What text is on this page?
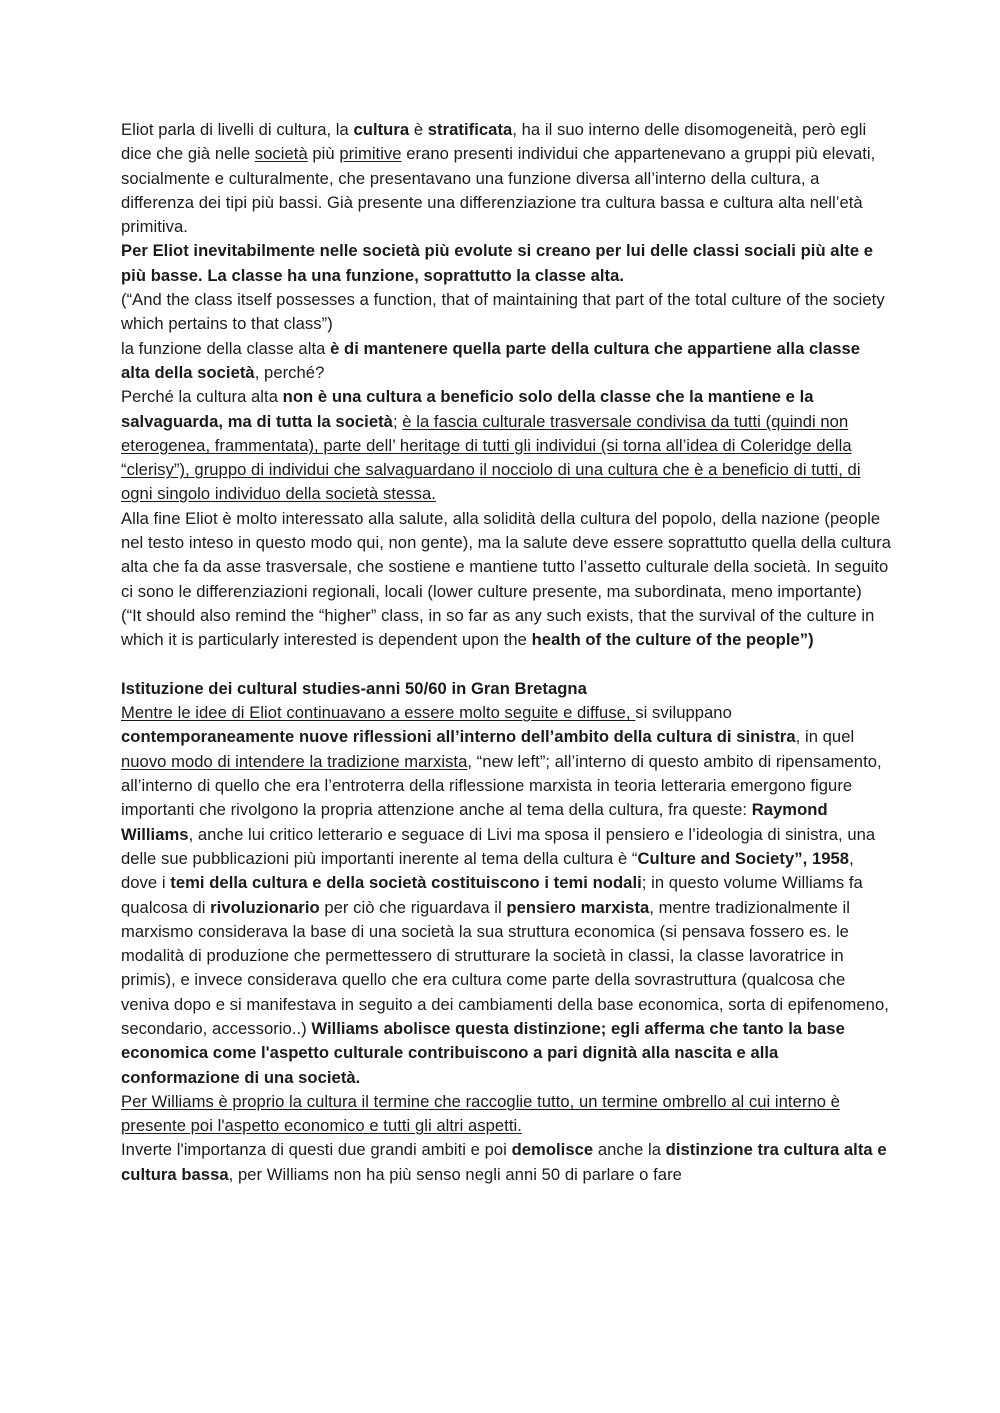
Eliot parla di livelli di cultura, la cultura è stratificata, ha il suo interno delle disomogeneità, però egli dice che già nelle società più primitive erano presenti individui che appartenevano a gruppi più elevati, socialmente e culturalmente, che presentavano una funzione diversa all’interno della cultura, a differenza dei tipi più bassi. Già presente una differenziazione tra cultura bassa e cultura alta nell’età primitiva.

Per Eliot inevitabilmente nelle società più evolute si creano per lui delle classi sociali più alte e più basse. La classe ha una funzione, soprattutto la classe alta.

(“And the class itself possesses a function, that of maintaining that part of the total culture of the society which pertains to that class”)

la funzione della classe alta è di mantenere quella parte della cultura che appartiene alla classe alta della società, perché?

Perché la cultura alta non è una cultura a beneficio solo della classe che la mantiene e la salvaguarda, ma di tutta la società; è la fascia culturale trasversale condivisa da tutti (quindi non eterogenea, frammentata), parte dell’ heritage di tutti gli individui (si torna all’idea di Coleridge della “clerisy”), gruppo di individui che salvaguardano il nocciolo di una cultura che è a beneficio di tutti, di ogni singolo individuo della società stessa.

Alla fine Eliot è molto interessato alla salute, alla solidità della cultura del popolo, della nazione (people nel testo inteso in questo modo qui, non gente), ma la salute deve essere soprattutto quella della cultura alta che fa da asse trasversale, che sostiene e mantiene tutto l’assetto culturale della società. In seguito ci sono le differenziazioni regionali, locali (lower culture presente, ma subordinata, meno importante)

(“It should also remind the “higher” class, in so far as any such exists, that the survival of the culture in which it is particularly interested is dependent upon the health of the culture of the people”)

Istituzione dei cultural studies-anni 50/60 in Gran Bretagna

Mentre le idee di Eliot continuavano a essere molto seguite e diffuse, si sviluppano contemporaneamente nuove riflessioni all’interno dell’ambito della cultura di sinistra, in quel nuovo modo di intendere la tradizione marxista, “new left”; all’interno di questo ambito di ripensamento, all’interno di quello che era l’entroterra della riflessione marxista in teoria letteraria emergono figure importanti che rivolgono la propria attenzione anche al tema della cultura, fra queste: Raymond Williams, anche lui critico letterario e seguace di Livi ma sposa il pensiero e l’ideologia di sinistra, una delle sue pubblicazioni più importanti inerente al tema della cultura è “Culture and Society”, 1958, dove i temi della cultura e della società costituiscono i temi nodali; in questo volume Williams fa qualcosa di rivoluzionario per ciò che riguardava il pensiero marxista, mentre tradizionalmente il marxismo considerava la base di una società la sua struttura economica (si pensava fossero es. le modalità di produzione che permettessero di strutturare la società in classi, la classe lavoratrice in primis), e invece considerava quello che era cultura come parte della sovrastruttura (qualcosa che veniva dopo e si manifestava in seguito a dei cambiamenti della base economica, sorta di epifenomeno, secondario, accessorio..) Williams abolisce questa distinzione; egli afferma che tanto la base economica come l'aspetto culturale contribuiscono a pari dignità alla nascita e alla conformazione di una società.

Per Williams è proprio la cultura il termine che raccoglie tutto, un termine ombrello al cui interno è presente poi l'aspetto economico e tutti gli altri aspetti.

Inverte l'importanza di questi due grandi ambiti e poi demolisce anche la distinzione tra cultura alta e cultura bassa, per Williams non ha più senso negli anni 50 di parlare o fare
